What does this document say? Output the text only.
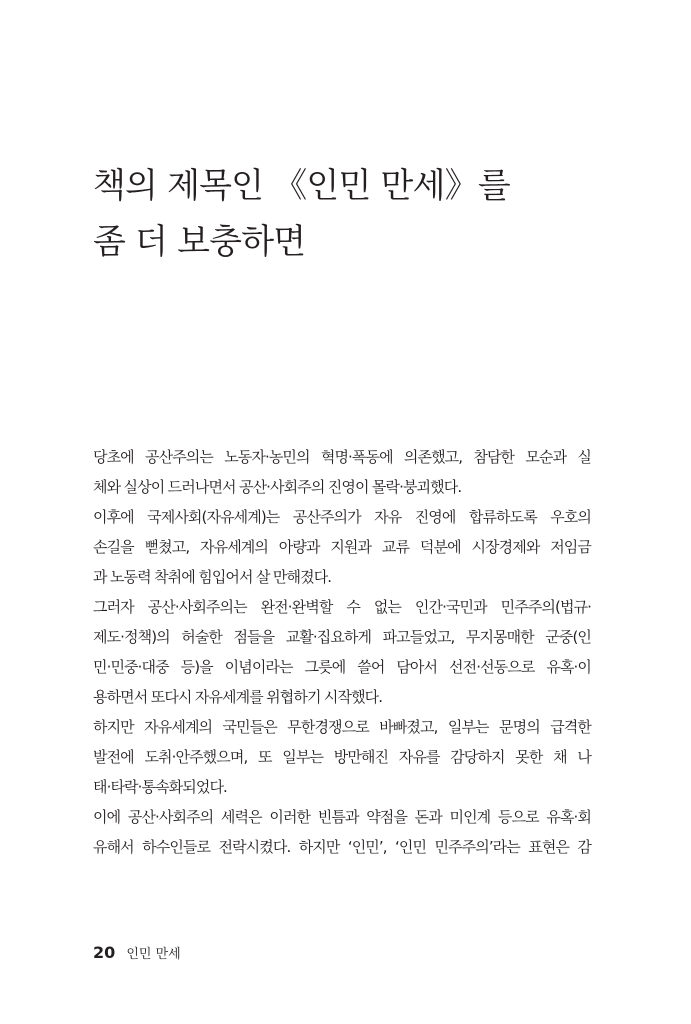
책의 제목인 《인민 만세》를
좀 더 보충하면
당초에 공산주의는 노동자·농민의 혁명·폭동에 의존했고, 참담한 모순과 실
체와 실상이 드러나면서 공산·사회주의 진영이 몰락·붕괴했다.
이후에 국제사회(자유세계)는 공산주의가 자유 진영에 합류하도록 우호의
손길을 뻗쳤고, 자유세계의 아량과 지원과 교류 덕분에 시장경제와 저임금
과 노동력 착취에 힘입어서 살 만해졌다.
그러자 공산·사회주의는 완전·완벽할 수 없는 인간·국민과 민주주의(법규·
제도·정책)의 허술한 점들을 교활·집요하게 파고들었고, 무지몽매한 군중(인
민·민중·대중 등)을 이념이라는 그릇에 쓸어 담아서 선전·선동으로 유혹·이
용하면서 또다시 자유세계를 위협하기 시작했다.
하지만 자유세계의 국민들은 무한경쟁으로 바빠졌고, 일부는 문명의 급격한
발전에 도취·안주했으며, 또 일부는 방만해진 자유를 감당하지 못한 채 나
태·타락·통속화되었다.
이에 공산·사회주의 세력은 이러한 빈틈과 약점을 돈과 미인계 등으로 유혹·회
유해서 하수인들로 전락시켰다. 하지만 ‘인민’, ‘인민 민주주의’라는 표현은 감
20 인민 만세
